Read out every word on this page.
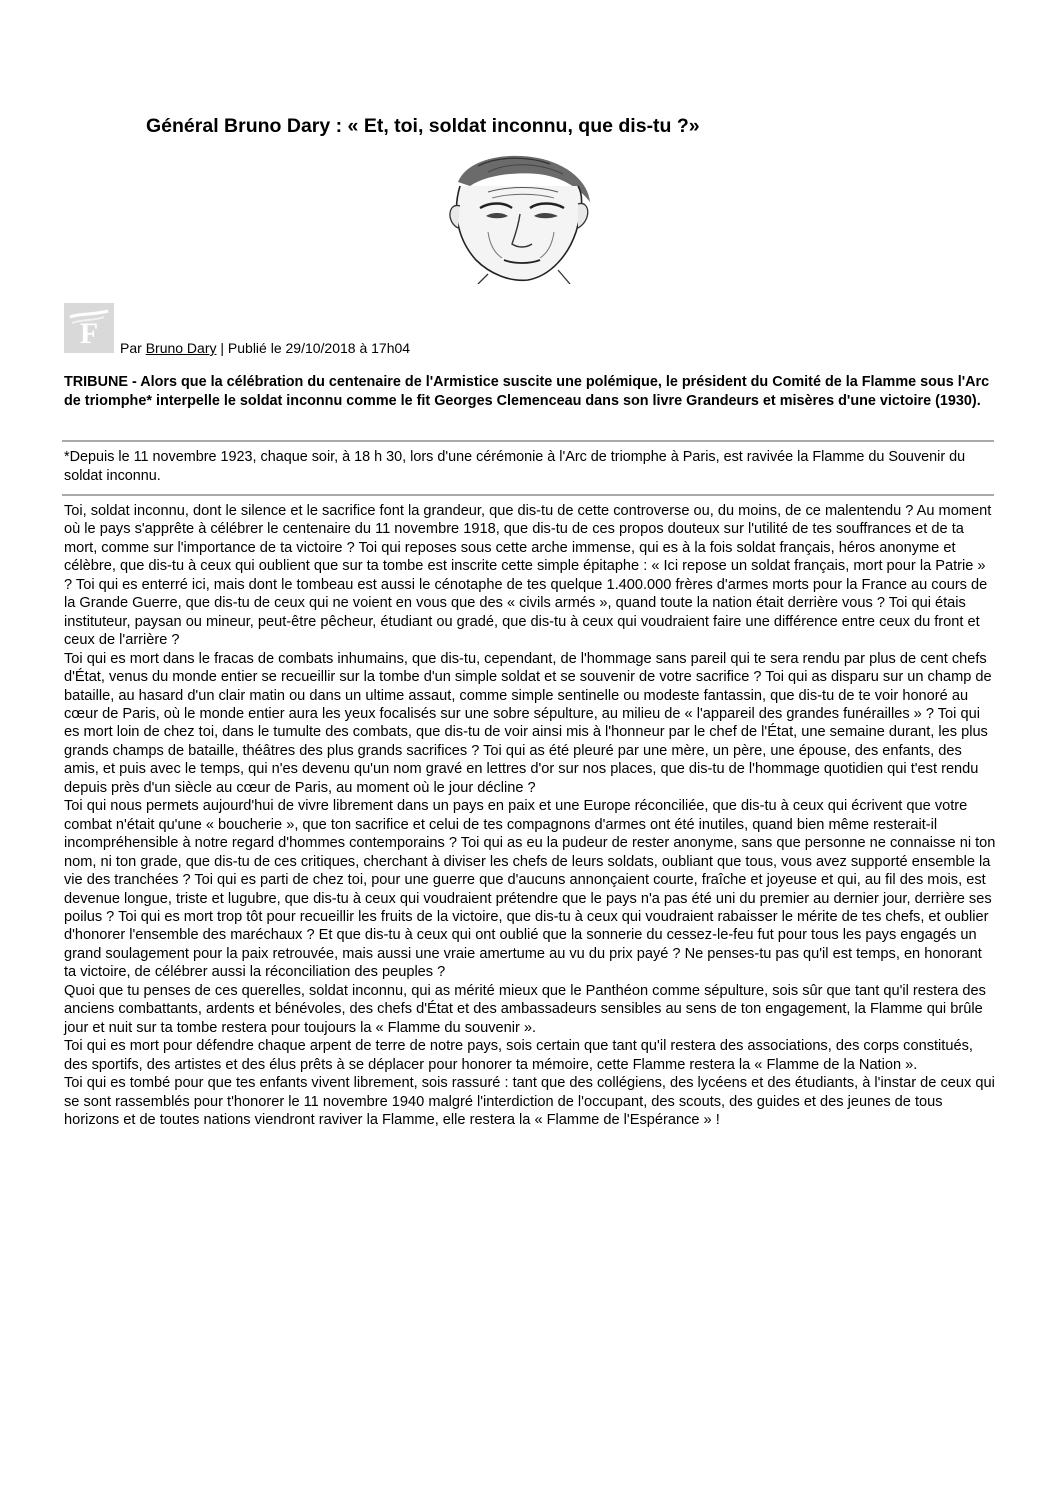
Général Bruno Dary : « Et, toi, soldat inconnu, que dis-tu ?»
F Par Bruno Dary | Publié le 29/10/2018 à 17h04

TRIBUNE - Alors que la célébration du centenaire de l'Armistice suscite une polémique, le président du Comité de la Flamme sous l'Arc de triomphe* interpelle le soldat inconnu comme le fit Georges Clemenceau dans son livre Grandeurs et misères d'une victoire (1930).

*Depuis le 11 novembre 1923, chaque soir, à 18 h 30, lors d'une cérémonie à l'Arc de triomphe à Paris, est ravivée la Flamme du Souvenir du soldat inconnu.

Toi, soldat inconnu, dont le silence et le sacrifice font la grandeur, que dis-tu de cette controverse ou, du moins, de ce malentendu ? Au moment où le pays s'apprête à célébrer le centenaire du 11 novembre 1918, que dis-tu de ces propos douteux sur l'utilité de tes souffrances et de ta mort, comme sur l'importance de ta victoire ? Toi qui reposes sous cette arche immense, qui es à la fois soldat français, héros anonyme et célèbre, que dis-tu à ceux qui oublient que sur ta tombe est inscrite cette simple épitaphe : « Ici repose un soldat français, mort pour la Patrie » ? Toi qui es enterré ici, mais dont le tombeau est aussi le cénotaphe de tes quelque 1.400.000 frères d'armes morts pour la France au cours de la Grande Guerre, que dis-tu de ceux qui ne voient en vous que des « civils armés », quand toute la nation était derrière vous ? Toi qui étais instituteur, paysan ou mineur, peut-être pêcheur, étudiant ou gradé, que dis-tu à ceux qui voudraient faire une différence entre ceux du front et ceux de l'arrière ?

Toi qui es mort dans le fracas de combats inhumains, que dis-tu, cependant, de l'hommage sans pareil qui te sera rendu par plus de cent chefs d'État, venus du monde entier se recueillir sur la tombe d'un simple soldat et se souvenir de votre sacrifice ? Toi qui as disparu sur un champ de bataille, au hasard d'un clair matin ou dans un ultime assaut, comme simple sentinelle ou modeste fantassin, que dis-tu de te voir honoré au cœur de Paris, où le monde entier aura les yeux focalisés sur une sobre sépulture, au milieu de « l'appareil des grandes funérailles » ? Toi qui es mort loin de chez toi, dans le tumulte des combats, que dis-tu de voir ainsi mis à l'honneur par le chef de l'État, une semaine durant, les plus grands champs de bataille, théâtres des plus grands sacrifices ? Toi qui as été pleuré par une mère, un père, une épouse, des enfants, des amis, et puis avec le temps, qui n'es devenu qu'un nom gravé en lettres d'or sur nos places, que dis-tu de l'hommage quotidien qui t'est rendu depuis près d'un siècle au cœur de Paris, au moment où le jour décline ?

Toi qui nous permets aujourd'hui de vivre librement dans un pays en paix et une Europe réconciliée, que dis-tu à ceux qui écrivent que votre combat n'était qu'une « boucherie », que ton sacrifice et celui de tes compagnons d'armes ont été inutiles, quand bien même resterait-il incompréhensible à notre regard d'hommes contemporains ? Toi qui as eu la pudeur de rester anonyme, sans que personne ne connaisse ni ton nom, ni ton grade, que dis-tu de ces critiques, cherchant à diviser les chefs de leurs soldats, oubliant que tous, vous avez supporté ensemble la vie des tranchées ? Toi qui es parti de chez toi, pour une guerre que d'aucuns annonçaient courte, fraîche et joyeuse et qui, au fil des mois, est devenue longue, triste et lugubre, que dis-tu à ceux qui voudraient prétendre que le pays n'a pas été uni du premier au dernier jour, derrière ses poilus ? Toi qui es mort trop tôt pour recueillir les fruits de la victoire, que dis-tu à ceux qui voudraient rabaisser le mérite de tes chefs, et oublier d'honorer l'ensemble des maréchaux ? Et que dis-tu à ceux qui ont oublié que la sonnerie du cessez-le-feu fut pour tous les pays engagés un grand soulagement pour la paix retrouvée, mais aussi une vraie amertume au vu du prix payé ? Ne penses-tu pas qu'il est temps, en honorant ta victoire, de célébrer aussi la réconciliation des peuples ?

Quoi que tu penses de ces querelles, soldat inconnu, qui as mérité mieux que le Panthéon comme sépulture, sois sûr que tant qu'il restera des anciens combattants, ardents et bénévoles, des chefs d'État et des ambassadeurs sensibles au sens de ton engagement, la Flamme qui brûle jour et nuit sur ta tombe restera pour toujours la « Flamme du souvenir ».

Toi qui es mort pour défendre chaque arpent de terre de notre pays, sois certain que tant qu'il restera des associations, des corps constitués, des sportifs, des artistes et des élus prêts à se déplacer pour honorer ta mémoire, cette Flamme restera la « Flamme de la Nation ».

Toi qui es tombé pour que tes enfants vivent librement, sois rassuré : tant que des collégiens, des lycéens et des étudiants, à l'instar de ceux qui se sont rassemblés pour t'honorer le 11 novembre 1940 malgré l'interdiction de l'occupant, des scouts, des guides et des jeunes de tous horizons et de toutes nations viendront raviver la Flamme, elle restera la « Flamme de l'Espérance » !
